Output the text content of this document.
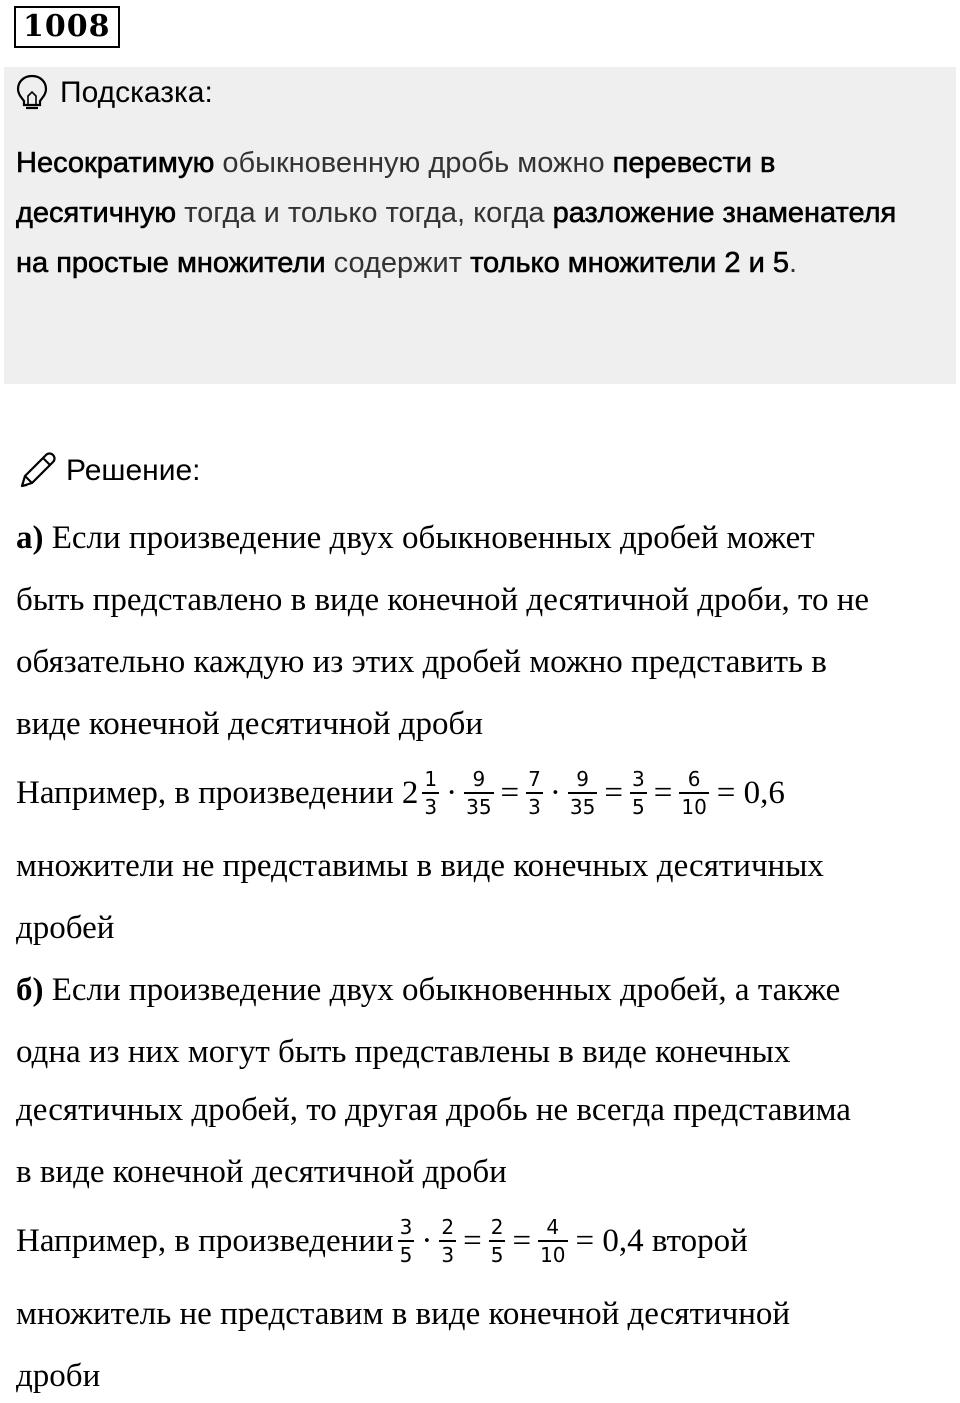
1008
Подсказка:
Несократимую обыкновенную дробь можно перевести в десятичную тогда и только тогда, когда разложение знаменателя на простые множители содержит только множители 2 и 5.
Решение:
а) Если произведение двух обыкновенных дробей может
быть представлено в виде конечной десятичной дроби, то не
обязательно каждую из этих дробей можно представить в
виде конечной десятичной дроби
Например, в произведении $2 \frac{1}{3} \cdot \frac{9}{35} = \frac{7}{3} \cdot \frac{9}{35} = \frac{3}{5} = \frac{6}{10} = 0,6$
множители не представимы в виде конечных десятичных
дробей
б) Если произведение двух обыкновенных дробей, а также
одна из них могут быть представлены в виде конечных
десятичных дробей, то другая дробь не всегда представима
в виде конечной десятичной дроби
Например, в произведении $\frac{3}{5} \cdot \frac{2}{3} = \frac{2}{5} = \frac{4}{10} = 0,4$ второй
множитель не представим в виде конечной десятичной
дроби
